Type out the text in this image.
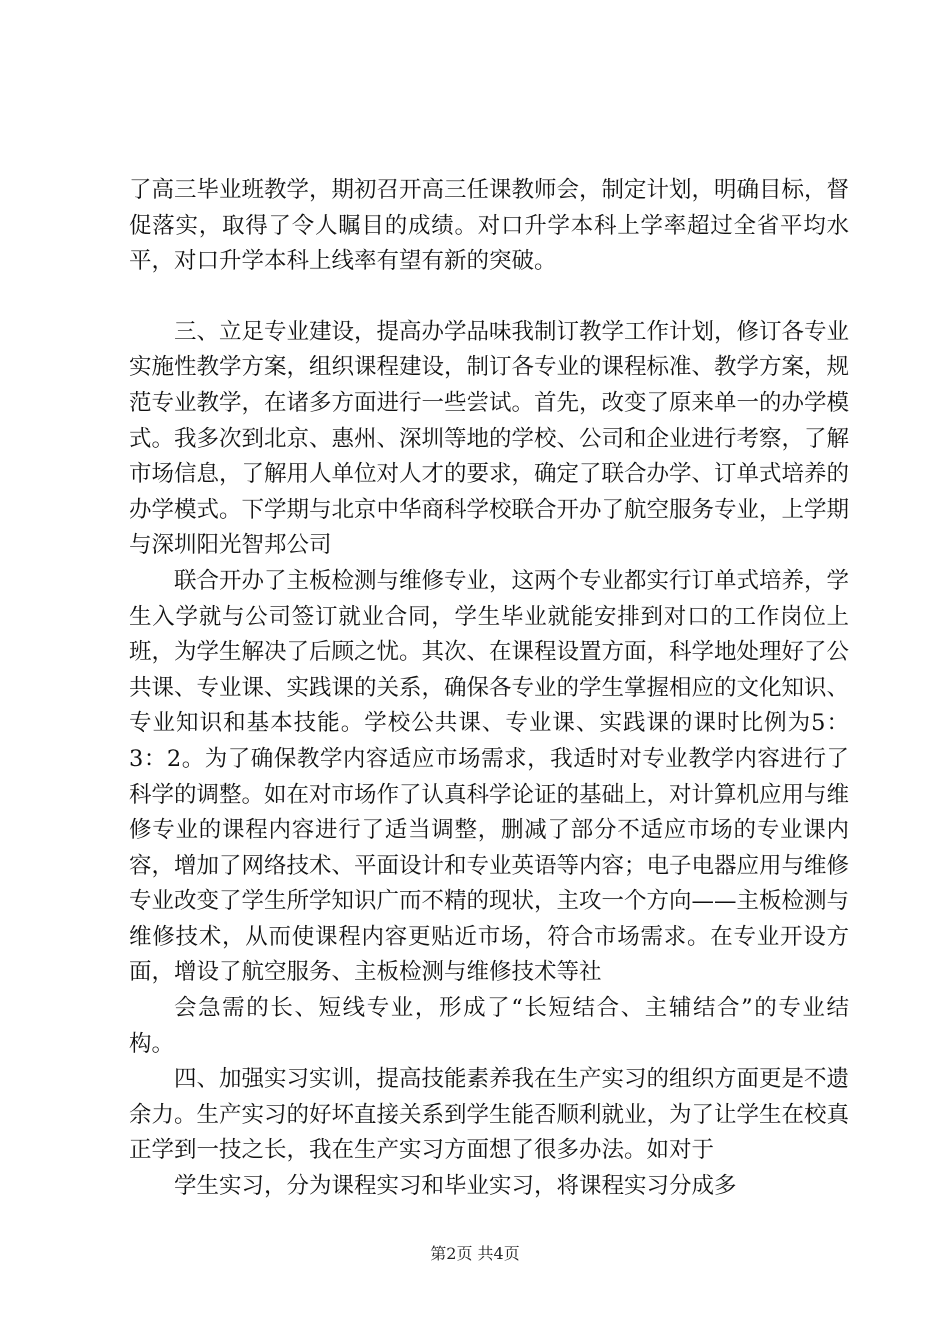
了高三毕业班教学，期初召开高三任课教师会，制定计划，明确目标，督促落实，取得了令人瞩目的成绩。对口升学本科上学率超过全省平均水平，对口升学本科上线率有望有新的突破。

三、立足专业建设，提高办学品味我制订教学工作计划，修订各专业实施性教学方案，组织课程建设，制订各专业的课程标准、教学方案，规范专业教学，在诸多方面进行一些尝试。首先，改变了原来单一的办学模式。我多次到北京、惠州、深圳等地的学校、公司和企业进行考察，了解市场信息，了解用人单位对人才的要求，确定了联合办学、订单式培养的办学模式。下学期与北京中华商科学校联合开办了航空服务专业，上学期与深圳阳光智邦公司

联合开办了主板检测与维修专业，这两个专业都实行订单式培养，学生入学就与公司签订就业合同，学生毕业就能安排到对口的工作岗位上班，为学生解决了后顾之忧。其次、在课程设置方面，科学地处理好了公共课、专业课、实践课的关系，确保各专业的学生掌握相应的文化知识、专业知识和基本技能。学校公共课、专业课、实践课的课时比例为5：3：2。为了确保教学内容适应市场需求，我适时对专业教学内容进行了科学的调整。如在对市场作了认真科学论证的基础上，对计算机应用与维修专业的课程内容进行了适当调整，删减了部分不适应市场的专业课内容，增加了网络技术、平面设计和专业英语等内容；电子电器应用与维修专业改变了学生所学知识广而不精的现状，主攻一个方向——主板检测与维修技术，从而使课程内容更贴近市场，符合市场需求。在专业开设方面，增设了航空服务、主板检测与维修技术等社

会急需的长、短线专业，形成了“长短结合、主辅结合”的专业结构。

四、加强实习实训，提高技能素养我在生产实习的组织方面更是不遗余力。生产实习的好坏直接关系到学生能否顺利就业，为了让学生在校真正学到一技之长，我在生产实习方面想了很多办法。如对于

学生实习，分为课程实习和毕业实习，将课程实习分成多

第2页 共4页
